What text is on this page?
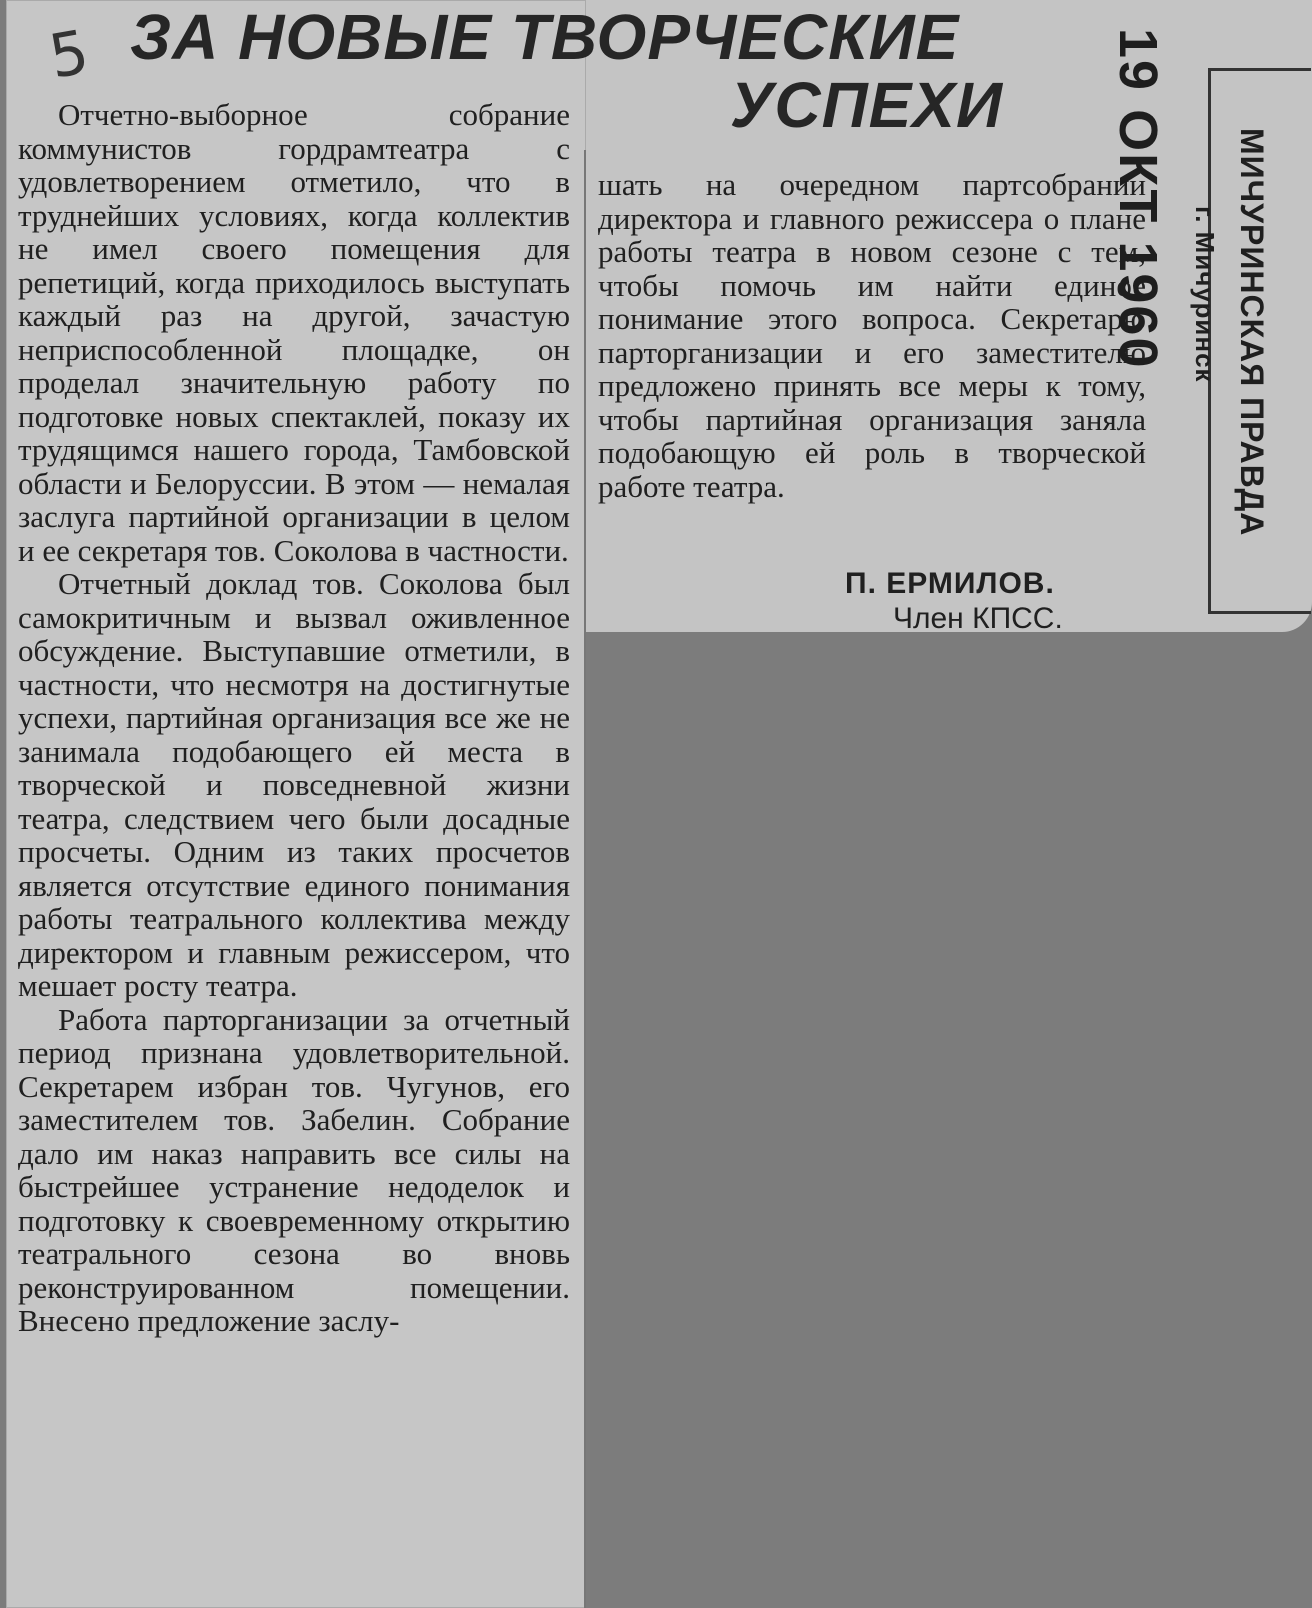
5 ЗА НОВЫЕ ТВОРЧЕСКИЕ
УСПЕХИ

Отчетно-выборное собрание коммунистов гордрамтеатра с удовлетворением отметило, что в труднейших условиях, когда коллектив не имел своего помещения для репетиций, когда приходилось выступать каждый раз на другой, зачастую неприспособленной площадке, он проделал значительную работу по подготовке новых спектаклей, показу их трудящимся нашего города, Тамбовской области и Белоруссии. В этом — немалая заслуга партийной организации в целом и ее секретаря тов. Соколова в частности.

Отчетный доклад тов. Соколова был самокритичным и вызвал оживленное обсуждение. Выступавшие отметили, в частности, что несмотря на достигнутые успехи, партийная организация все же не занимала подобающего ей места в творческой и повседневной жизни театра, следствием чего были досадные просчеты. Одним из таких просчетов является отсутствие единого понимания работы театрального коллектива между директором и главным режиссером, что мешает росту театра.

Работа парторганизации за отчетный период признана удовлетворительной. Секретарем избран тов. Чугунов, его заместителем тов. Забелин. Собрание дало им наказ направить все силы на быстрейшее устранение недоделок и подготовку к своевременному открытию театрального сезона во вновь реконструированном помещении. Внесено предложение заслу-

шать на очередном партсобрании директора и главного режиссера о плане работы театра в новом сезоне с тем, чтобы помочь им найти единое понимание этого вопроса. Секретарю парторганизации и его заместителю предложено принять все меры к тому, чтобы партийная организация заняла подобающую ей роль в творческой работе театра.

П. ЕРМИЛОВ.
Член КПСС.
19 ОКТ 1960 МИЧУРИНСКАЯ ПРАВДА
г. Мичуринск
